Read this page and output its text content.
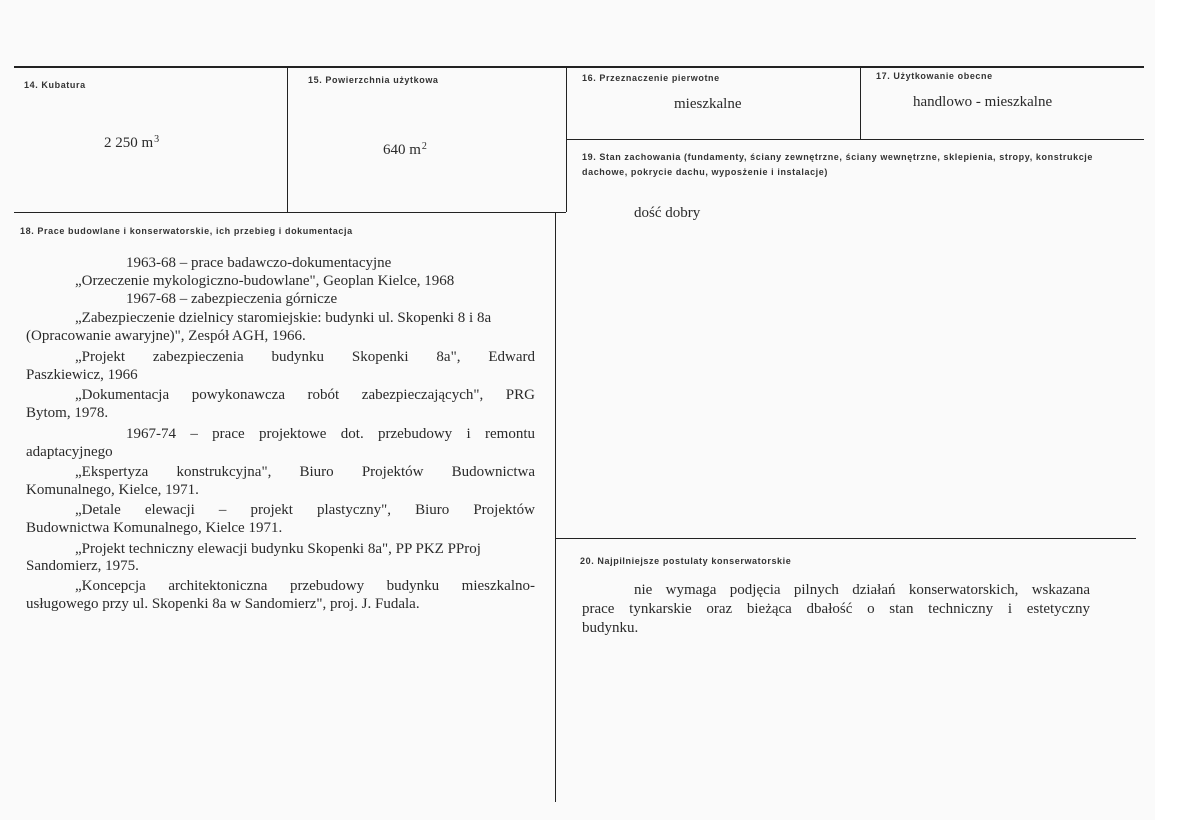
14. Kubatura
2 250 $m^3$
15. Powierzchnia użytkowa
640 $m^2$
16. Przeznaczenie pierwotne
mieszkalne
17. Użytkowanie obecne
handlowo - mieszkalne
19. Stan zachowania (fundamenty, ściany zewnętrzne, ściany wewnętrzne, sklepienia, stropy, konstrukcje dachowe, pokrycie dachu, wyposżenie i instalacje)
dość dobry
18. Prace budowlane i konserwatorskie, ich przebieg i dokumentacja
1963-68 – prace badawczo-dokumentacyjne
„Orzeczenie mykologiczno-budowlane", Geoplan Kielce, 1968
1967-68 – zabezpieczenia górnicze
„Zabezpieczenie dzielnicy staromiejskie: budynki ul. Skopenki 8 i 8a
(Opracowanie awaryjne)", Zespół AGH, 1966.
„Projekt zabezpieczenia budynku Skopenki 8a", Edward
Paszkiewicz, 1966
„Dokumentacja powykonawcza robót zabezpieczających", PRG
Bytom, 1978.
1967-74 – prace projektowe dot. przebudowy i remontu
adaptacyjnego
„Ekspertyza konstrukcyjna", Biuro Projektów Budownictwa
Komunalnego, Kielce, 1971.
„Detale elewacji – projekt plastyczny", Biuro Projektów
Budownictwa Komunalnego, Kielce 1971.
„Projekt techniczny elewacji budynku Skopenki 8a", PP PKZ PProj
Sandomierz, 1975.
„Koncepcja architektoniczna przebudowy budynku mieszkalno-
usługowego przy ul. Skopenki 8a w Sandomierz", proj. J. Fudala.
20. Najpilniejsze postulaty konserwatorskie
nie wymaga podjęcia pilnych działań konserwatorskich, wskazana
prace tynkarskie oraz bieżąca dbałość o stan techniczny i estetyczny
budynku.
